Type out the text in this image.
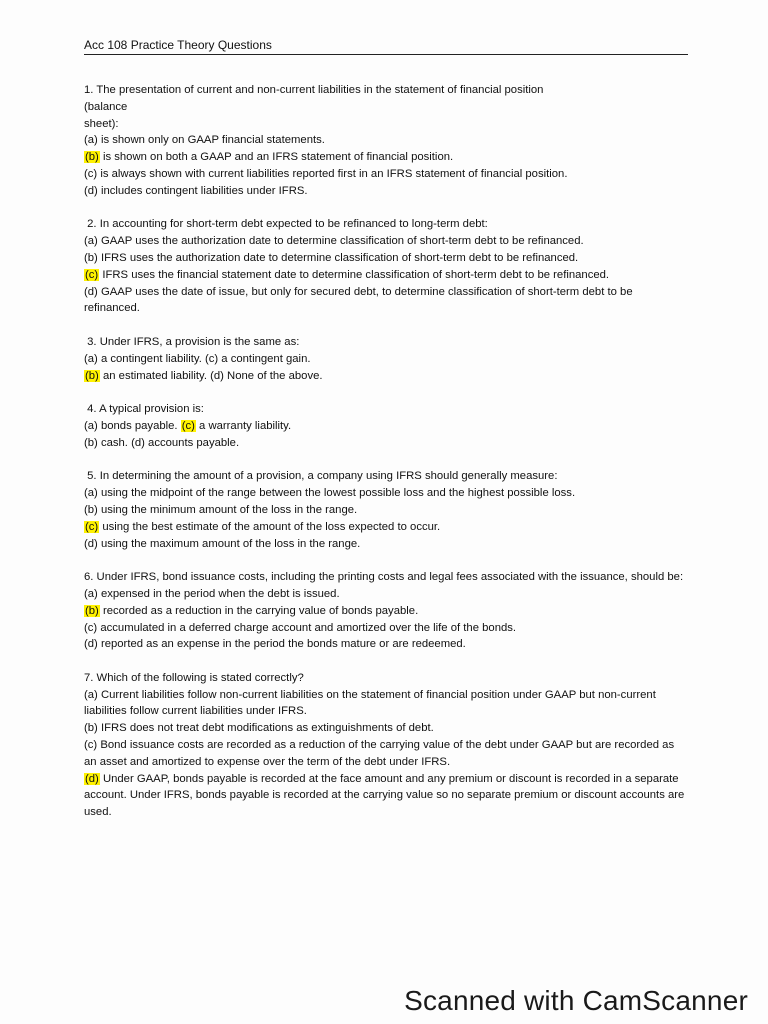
Acc 108 Practice Theory Questions

1. The presentation of current and non-current liabilities in the statement of financial position

(balance

sheet):

(a) is shown only on GAAP financial statements.

(b) is shown on both a GAAP and an IFRS statement of financial position.

(c) is always shown with current liabilities reported first in an IFRS statement of financial position.

(d) includes contingent liabilities under IFRS.

2. In accounting for short-term debt expected to be refinanced to long-term debt:

(a) GAAP uses the authorization date to determine classification of short-term debt to be refinanced.

(b) IFRS uses the authorization date to determine classification of short-term debt to be refinanced.

(c) IFRS uses the financial statement date to determine classification of short-term debt to be refinanced.

(d) GAAP uses the date of issue, but only for secured debt, to determine classification of short-term debt to be refinanced.

3. Under IFRS, a provision is the same as:

(a) a contingent liability. (c) a contingent gain.

(b) an estimated liability. (d) None of the above.

4. A typical provision is:

(a) bonds payable. (c) a warranty liability.

(b) cash. (d) accounts payable.

5. In determining the amount of a provision, a company using IFRS should generally measure:

(a) using the midpoint of the range between the lowest possible loss and the highest possible loss.

(b) using the minimum amount of the loss in the range.

(c) using the best estimate of the amount of the loss expected to occur.

(d) using the maximum amount of the loss in the range.

6. Under IFRS, bond issuance costs, including the printing costs and legal fees associated with the issuance, should be:

(a) expensed in the period when the debt is issued.

(b) recorded as a reduction in the carrying value of bonds payable.

(c) accumulated in a deferred charge account and amortized over the life of the bonds.

(d) reported as an expense in the period the bonds mature or are redeemed.

7. Which of the following is stated correctly?

(a) Current liabilities follow non-current liabilities on the statement of financial position under GAAP but non-current liabilities follow current liabilities under IFRS.

(b) IFRS does not treat debt modifications as extinguishments of debt.

(c) Bond issuance costs are recorded as a reduction of the carrying value of the debt under GAAP but are recorded as an asset and amortized to expense over the term of the debt under IFRS.

(d) Under GAAP, bonds payable is recorded at the face amount and any premium or discount is recorded in a separate account. Under IFRS, bonds payable is recorded at the carrying value so no separate premium or discount accounts are used.

Scanned with CamScanner
